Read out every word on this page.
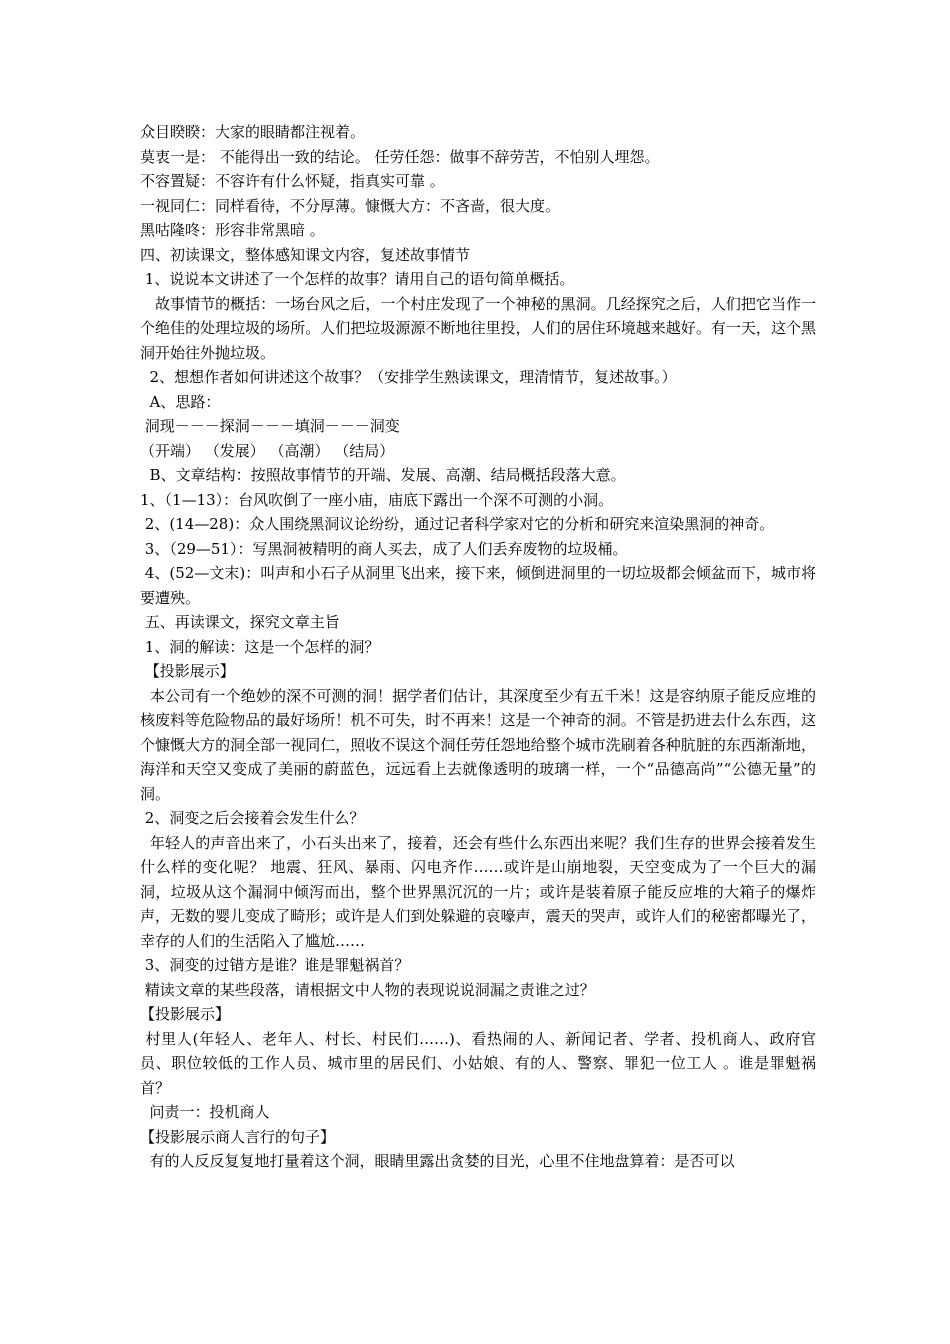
众目睽睽：大家的眼睛都注视着。

莫衷一是： 不能得出一致的结论。 任劳任怨：做事不辞劳苦，不怕别人埋怨。

不容置疑：不容许有什么怀疑，指真实可靠 。

一视同仁：同样看待，不分厚薄。慷慨大方：不吝啬，很大度。

黑咕隆咚：形容非常黑暗 。

四、初读课文，整体感知课文内容，复述故事情节

1、说说本文讲述了一个怎样的故事？请用自己的语句简单概括。

　故事情节的概括：一场台风之后，一个村庄发现了一个神秘的黑洞。几经探究之后，人们把它当作一个绝佳的处理垃圾的场所。人们把垃圾源源不断地往里投，人们的居住环境越来越好。有一天，这个黑洞开始往外抛垃圾。

2、想想作者如何讲述这个故事？（安排学生熟读课文，理清情节，复述故事。）

A、思路：

洞现－－－探洞－－－填洞－－－洞变

（开端） （发展） （高潮） （结局）

B、文章结构：按照故事情节的开端、发展、高潮、结局概括段落大意。

1、（1—13）：台风吹倒了一座小庙，庙底下露出一个深不可测的小洞。

2、(14—28)：众人围绕黑洞议论纷纷，通过记者科学家对它的分析和研究来渲染黑洞的神奇。

3、（29—51）：写黑洞被精明的商人买去，成了人们丢弃废物的垃圾桶。

4、(52—文末)：叫声和小石子从洞里飞出来，接下来，倾倒进洞里的一切垃圾都会倾盆而下，城市将要遭殃。

五、再读课文，探究文章主旨

1、洞的解读：这是一个怎样的洞？

【投影展示】

本公司有一个绝妙的深不可测的洞！据学者们估计，其深度至少有五千米！这是容纳原子能反应堆的核废料等危险物品的最好场所！机不可失，时不再来！这是一个神奇的洞。不管是扔进去什么东西，这个慷慨大方的洞全部一视同仁，照收不误这个洞任劳任怨地给整个城市洗刷着各种肮脏的东西渐渐地，海洋和天空又变成了美丽的蔚蓝色，远远看上去就像透明的玻璃一样，一个“品德高尚”“公德无量”的洞。

2、洞变之后会接着会发生什么？

年轻人的声音出来了，小石头出来了，接着，还会有些什么东西出来呢？我们生存的世界会接着发生什么样的变化呢？ 地震、狂风、暴雨、闪电齐作……或许是山崩地裂，天空变成为了一个巨大的漏洞，垃圾从这个漏洞中倾泻而出，整个世界黑沉沉的一片；或许是装着原子能反应堆的大箱子的爆炸声，无数的婴儿变成了畸形；或许是人们到处躲避的哀嚎声，震天的哭声，或许人们的秘密都曝光了，幸存的人们的生活陷入了尴尬……

3、洞变的过错方是谁？谁是罪魁祸首？

精读文章的某些段落，请根据文中人物的表现说说洞漏之责谁之过？

【投影展示】

村里人(年轻人、老年人、村长、村民们……)、看热闹的人、新闻记者、学者、投机商人、政府官员、职位较低的工作人员、城市里的居民们、小姑娘、有的人、警察、罪犯一位工人 。谁是罪魁祸首？

问责一：投机商人

【投影展示商人言行的句子】

有的人反反复复地打量着这个洞，眼睛里露出贪婪的目光，心里不住地盘算着：是否可以
